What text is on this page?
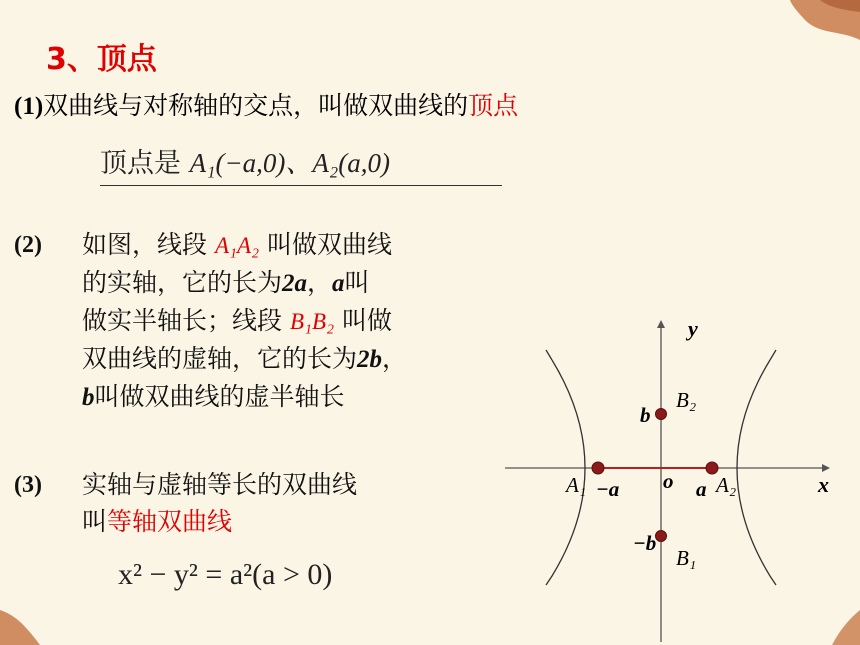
3、顶点
(1)双曲线与对称轴的交点，叫做双曲线的顶点
顶点是 A₁(−a,0)、A₂(a,0)
(2) 如图，线段 A₁A₂ 叫做双曲线
的实轴，它的长为2a，a叫
做实半轴长；线段 B₁B₂ 叫做
双曲线的虚轴，它的长为2b，
b叫做双曲线的虚半轴长
(3) 实轴与虚轴等长的双曲线
叫等轴双曲线
x² − y² = a²(a > 0)
x
y
o
A₁ −a	a A₂
B₂
b
−b
B₁
